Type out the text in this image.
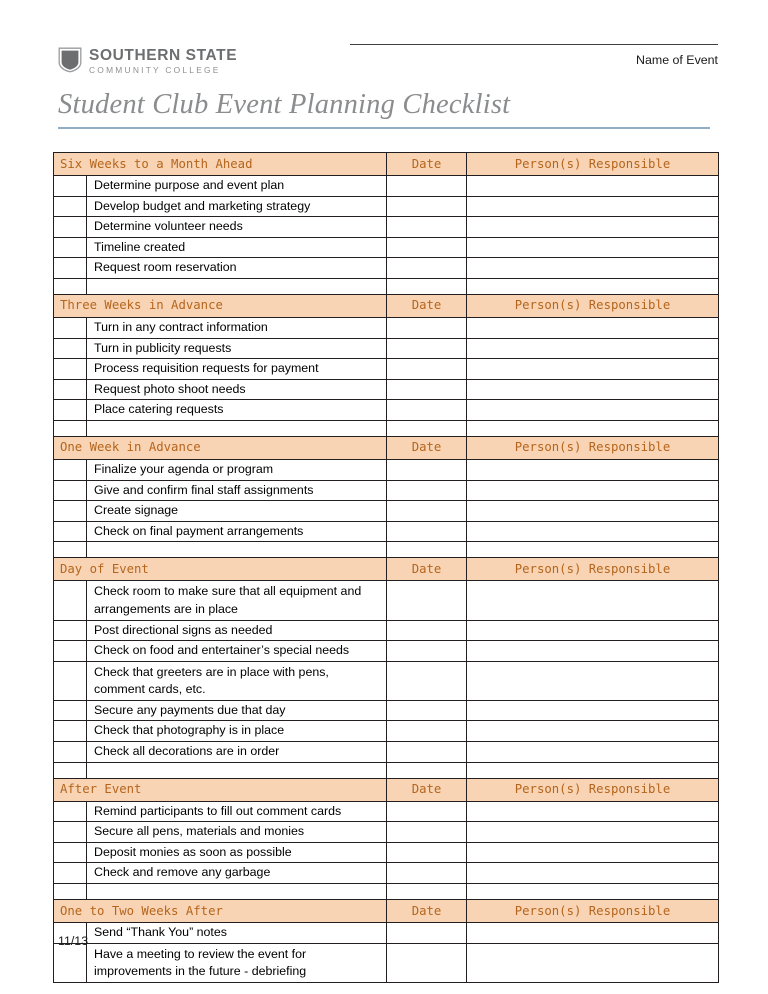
SOUTHERN STATE
COMMUNITY COLLEGE
Name of Event
Student Club Event Planning Checklist
Six Weeks to a Month Ahead		Date	Person(s) Responsible

	Determine purpose and event plan		

	Develop budget and marketing strategy		

	Determine volunteer needs		

	Timeline created		

	Request room reservation		

Three Weeks in Advance		Date	Person(s) Responsible

	Turn in any contract information		

	Turn in publicity requests		

	Process requisition requests for payment		

	Request photo shoot needs		

	Place catering requests		

One Week in Advance		Date	Person(s) Responsible

	Finalize your agenda or program		

	Give and confirm final staff assignments		

	Create signage		

	Check on final payment arrangements		

Day of Event		Date	Person(s) Responsible

	Check room to make sure that all equipment and arrangements are in place		

	Post directional signs as needed		

	Check on food and entertainer’s special needs		

	Check that greeters are in place with pens, comment cards, etc.		

	Secure any payments due that day		

	Check that photography is in place		

	Check all decorations are in order		

After Event		Date	Person(s) Responsible

	Remind participants to fill out comment cards		

	Secure all pens, materials and monies		

	Deposit monies as soon as possible		

	Check and remove any garbage		

One to Two Weeks After		Date	Person(s) Responsible

	Send “Thank You” notes		

	Have a meeting to review the event for improvements in the future - debriefing		

11/13
